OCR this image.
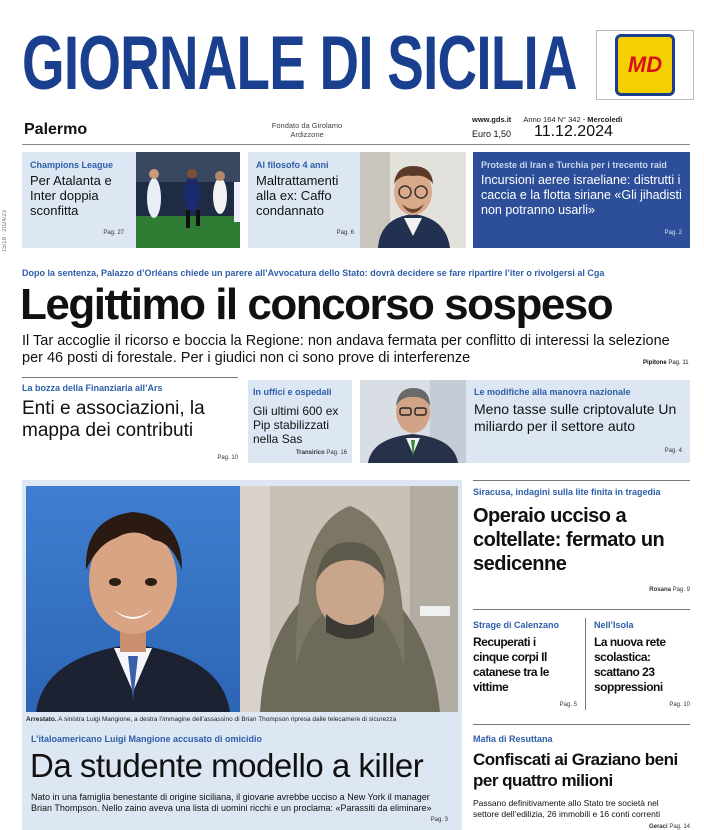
GIORNALE DI SICILIA MD
Palermo	Fondato da Girolamo Ardizzone
www.gds.it Anno 164 N° 342 - Mercoledì
Euro 1,50 11.12.2024
15/18 · 2024/23
Champions League
Per Atalanta e Inter doppia sconfitta
Pag. 27
Al filosofo 4 anni
Maltrattamenti alla ex: Caffo condannato
Pag. 6
Proteste di Iran e Turchia per i trecento raid
Incursioni aeree israeliane: distrutti i caccia e la flotta siriane «Gli jihadisti non potranno usarli»
Pag. 2
Dopo la sentenza, Palazzo d’Orléans chiede un parere all’Avvocatura dello Stato: dovrà decidere se fare ripartire l’iter o rivolgersi al Cga
Legittimo il concorso sospeso
Il Tar accoglie il ricorso e boccia la Regione: non andava fermata per conflitto di interessi la selezione per 46 posti di forestale. Per i giudici non ci sono prove di interferenze	Pipitone Pag. 11
La bozza della Finanziaria all’Ars
Enti e associazioni, la mappa dei contributi
Pag. 10
In uffici e ospedali
Gli ultimi 600 ex Pip stabilizzati nella Sas
Transirico Pag. 16
Le modifiche alla manovra nazionale
Meno tasse sulle criptovalute Un miliardo per il settore auto
Pag. 4
Arrestato. A sinistra Luigi Mangione, a destra l’immagine dell’assassino di Brian Thompson ripresa dalle telecamere di sicurezza
L’italoamericano Luigi Mangione accusato di omicidio
Da studente modello a killer
Nato in una famiglia benestante di origine siciliana, il giovane avrebbe ucciso a New York il manager Brian Thompson. Nello zaino aveva una lista di uomini ricchi e un proclama: «Parassiti da eliminare»
Pag. 3
Siracusa, indagini sulla lite finita in tragedia
Operaio ucciso a coltellate: fermato un sedicenne
Rosana Pag. 9
Strage di Calenzano
Recuperati i cinque corpi Il catanese tra le vittime
Pag. 5
Nell’Isola
La nuova rete scolastica: scattano 23 soppressioni
Pag. 10
Mafia di Resuttana
Confiscati ai Graziano beni per quattro milioni
Passano definitivamente allo Stato tre società nel settore dell’edilizia, 26 immobili e 16 conti correnti
Geraci Pag. 14
